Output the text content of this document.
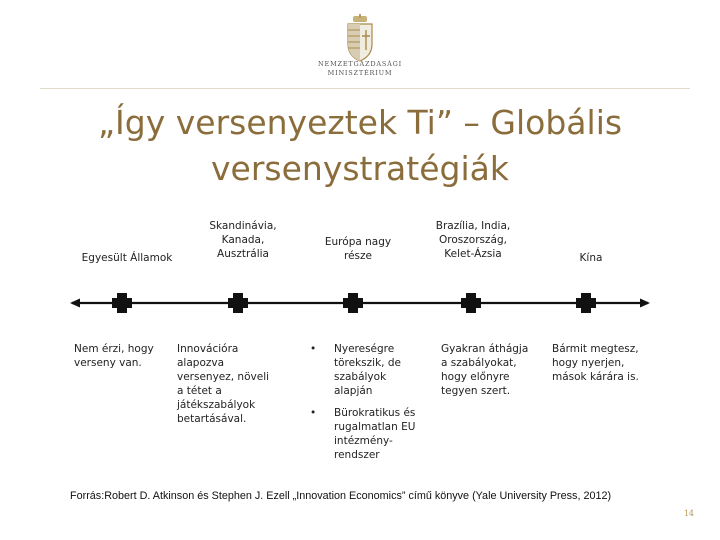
NEMZETGAZDASÁGI
MINISZTÉRIUM
„Így versenyeztek Ti” – Globális
versenystratégiák
Egyesült Államok
Skandinávia,
Kanada,
Ausztrália
Európa nagy
része
Brazília, India,
Oroszország,
Kelet-Ázsia	Kína
Nem érzi, hogy
verseny van.
Innovációra
alapozva
versenyez, növeli
a tétet a
játékszabályok
betartásával.
• Nyereségre
törekszik, de
szabályok
alapján
• Bürokratikus és
rugalmatlan EU
intézmény-
rendszer
Gyakran áthágja
a szabályokat,
hogy előnyre
tegyen szert.
Bármit megtesz,
hogy nyerjen,
mások kárára is.
Forrás:Robert D. Atkinson és Stephen J. Ezell „Innovation Economics” című könyve (Yale University Press, 2012)
14
